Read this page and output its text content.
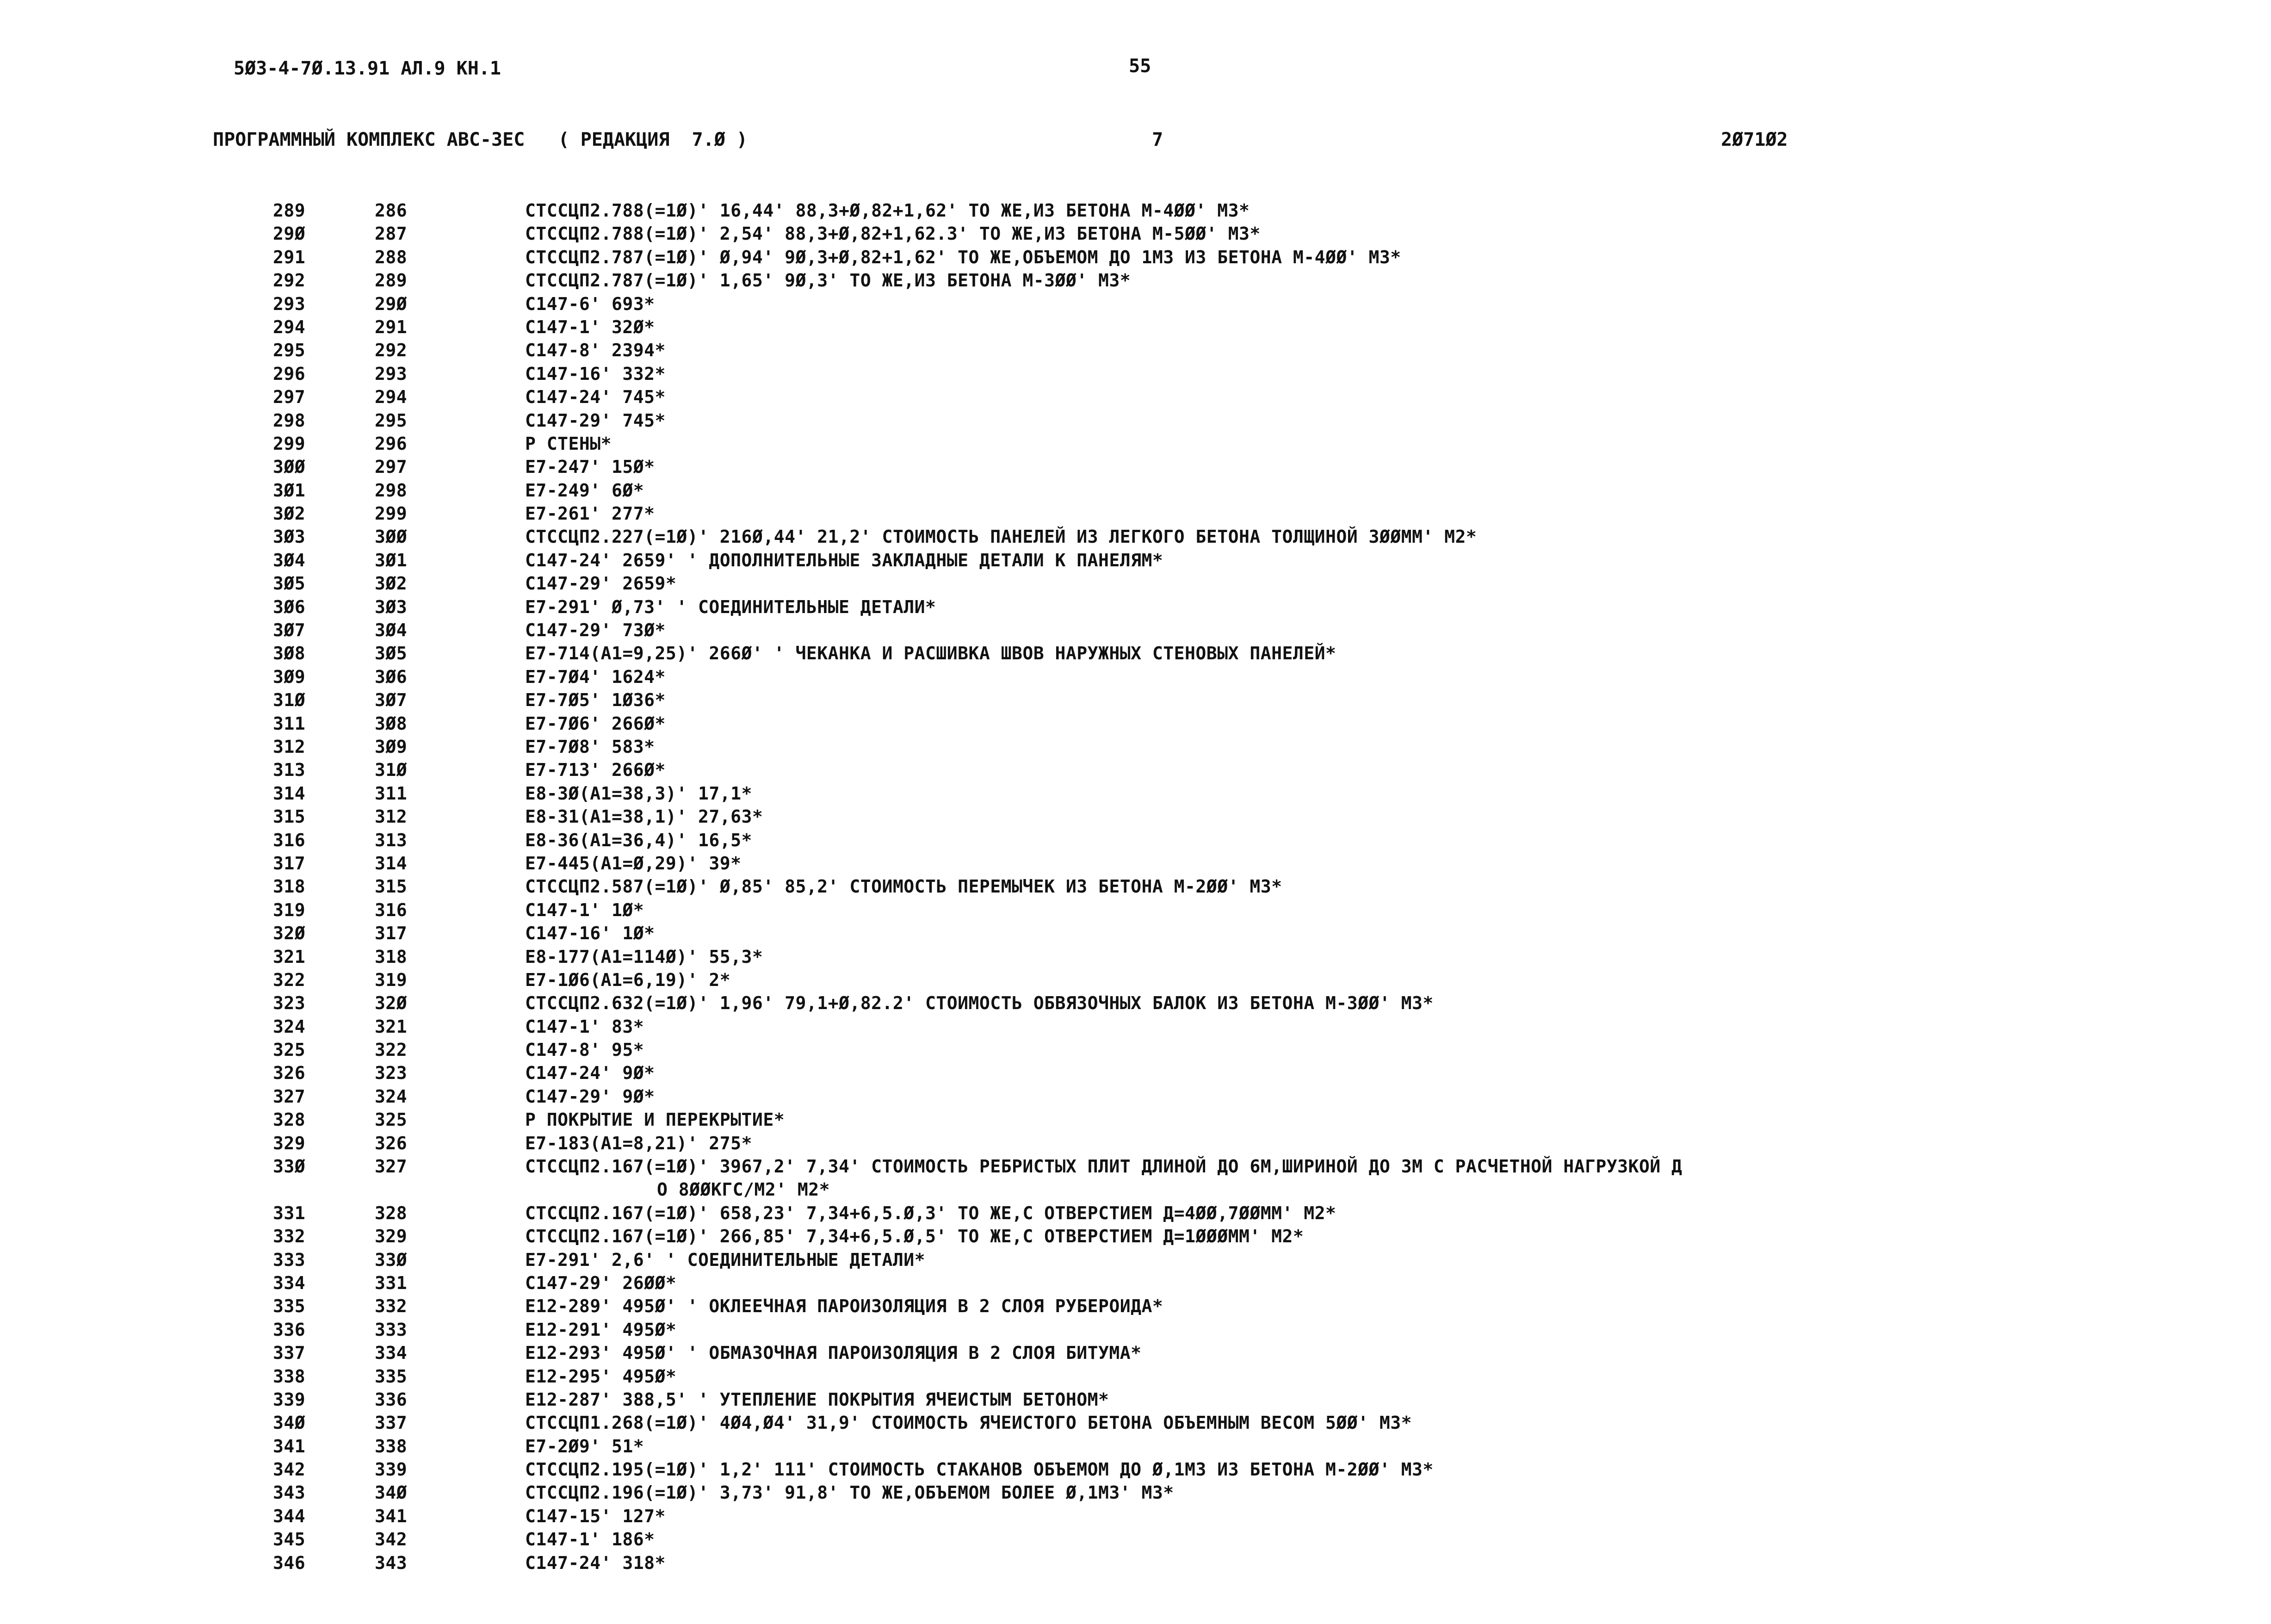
5Ø3-4-7Ø.13.91 АЛ.9 КН.1	55
ПРОГРАММНЫЙ КОМПЛЕКС АВС-3ЕС   ( РЕДАКЦИЯ  7.Ø )	7	2Ø71Ø2
289	286	СТССЦП2.788(=1Ø)' 16,44' 88,3+Ø,82+1,62' ТО ЖЕ,ИЗ БЕТОНА М-4ØØ' М3*
29Ø	287	СТССЦП2.788(=1Ø)' 2,54' 88,3+Ø,82+1,62.3' ТО ЖЕ,ИЗ БЕТОНА М-5ØØ' М3*
291	288	СТССЦП2.787(=1Ø)' Ø,94' 9Ø,3+Ø,82+1,62' ТО ЖЕ,ОБЪЕМОМ ДО 1М3 ИЗ БЕТОНА М-4ØØ' М3*
292	289	СТССЦП2.787(=1Ø)' 1,65' 9Ø,3' ТО ЖЕ,ИЗ БЕТОНА М-3ØØ' М3*
293	29Ø	С147-6' 693*
294	291	С147-1' 32Ø*
295	292	С147-8' 2394*
296	293	С147-16' 332*
297	294	С147-24' 745*
298	295	С147-29' 745*
299	296	Р СТЕНЫ*
3ØØ	297	Е7-247' 15Ø*
3Ø1	298	Е7-249' 6Ø*
3Ø2	299	Е7-261' 277*
3Ø3	3ØØ	СТССЦП2.227(=1Ø)' 216Ø,44' 21,2' СТОИМОСТЬ ПАНЕЛЕЙ ИЗ ЛЕГКОГО БЕТОНА ТОЛЩИНОЙ 3ØØММ' М2*
3Ø4	3Ø1	С147-24' 2659' ' ДОПОЛНИТЕЛЬНЫЕ ЗАКЛАДНЫЕ ДЕТАЛИ К ПАНЕЛЯМ*
3Ø5	3Ø2	С147-29' 2659*
3Ø6	3Ø3	Е7-291' Ø,73' ' СОЕДИНИТЕЛЬНЫЕ ДЕТАЛИ*
3Ø7	3Ø4	С147-29' 73Ø*
3Ø8	3Ø5	Е7-714(А1=9,25)' 266Ø' ' ЧЕКАНКА И РАСШИВКА ШВОВ НАРУЖНЫХ СТЕНОВЫХ ПАНЕЛЕЙ*
3Ø9	3Ø6	Е7-7Ø4' 1624*
31Ø	3Ø7	Е7-7Ø5' 1Ø36*
311	3Ø8	Е7-7Ø6' 266Ø*
312	3Ø9	Е7-7Ø8' 583*
313	31Ø	Е7-713' 266Ø*
314	311	Е8-3Ø(А1=38,3)' 17,1*
315	312	Е8-31(А1=38,1)' 27,63*
316	313	Е8-36(А1=36,4)' 16,5*
317	314	Е7-445(А1=Ø,29)' 39*
318	315	СТССЦП2.587(=1Ø)' Ø,85' 85,2' СТОИМОСТЬ ПЕРЕМЫЧЕК ИЗ БЕТОНА М-2ØØ' М3*
319	316	С147-1' 1Ø*
32Ø	317	С147-16' 1Ø*
321	318	Е8-177(А1=114Ø)' 55,3*
322	319	Е7-1Ø6(А1=6,19)' 2*
323	32Ø	СТССЦП2.632(=1Ø)' 1,96' 79,1+Ø,82.2' СТОИМОСТЬ ОБВЯЗОЧНЫХ БАЛОК ИЗ БЕТОНА М-3ØØ' М3*
324	321	С147-1' 83*
325	322	С147-8' 95*
326	323	С147-24' 9Ø*
327	324	С147-29' 9Ø*
328	325	Р ПОКРЫТИЕ И ПЕРЕКРЫТИЕ*
329	326	Е7-183(А1=8,21)' 275*
33Ø	327	СТССЦП2.167(=1Ø)' 3967,2' 7,34' СТОИМОСТЬ РЕБРИСТЫХ ПЛИТ ДЛИНОЙ ДО 6М,ШИРИНОЙ ДО 3М С РАСЧЕТНОЙ НАГРУЗКОЙ Д
О 8ØØКГС/М2' М2*
331	328	СТССЦП2.167(=1Ø)' 658,23' 7,34+6,5.Ø,3' ТО ЖЕ,С ОТВЕРСТИЕМ Д=4ØØ,7ØØММ' М2*
332	329	СТССЦП2.167(=1Ø)' 266,85' 7,34+6,5.Ø,5' ТО ЖЕ,С ОТВЕРСТИЕМ Д=1ØØØММ' М2*
333	33Ø	Е7-291' 2,6' ' СОЕДИНИТЕЛЬНЫЕ ДЕТАЛИ*
334	331	С147-29' 26ØØ*
335	332	Е12-289' 495Ø' ' ОКЛЕЕЧНАЯ ПАРОИЗОЛЯЦИЯ В 2 СЛОЯ РУБЕРОИДА*
336	333	Е12-291' 495Ø*
337	334	Е12-293' 495Ø' ' ОБМАЗОЧНАЯ ПАРОИЗОЛЯЦИЯ В 2 СЛОЯ БИТУМА*
338	335	Е12-295' 495Ø*
339	336	Е12-287' 388,5' ' УТЕПЛЕНИЕ ПОКРЫТИЯ ЯЧЕИСТЫМ БЕТОНОМ*
34Ø	337	СТССЦП1.268(=1Ø)' 4Ø4,Ø4' 31,9' СТОИМОСТЬ ЯЧЕИСТОГО БЕТОНА ОБЪЕМНЫМ ВЕСОМ 5ØØ' М3*
341	338	Е7-2Ø9' 51*
342	339	СТССЦП2.195(=1Ø)' 1,2' 111' СТОИМОСТЬ СТАКАНОВ ОБЪЕМОМ ДО Ø,1М3 ИЗ БЕТОНА М-2ØØ' М3*
343	34Ø	СТССЦП2.196(=1Ø)' 3,73' 91,8' ТО ЖЕ,ОБЪЕМОМ БОЛЕЕ Ø,1М3' М3*
344	341	С147-15' 127*
345	342	С147-1' 186*
346	343	С147-24' 318*
